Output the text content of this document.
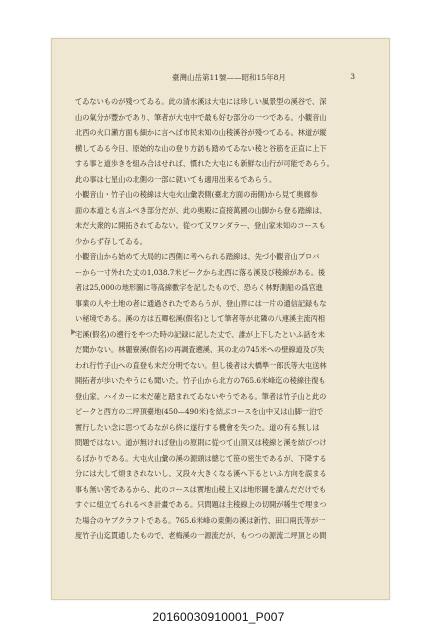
臺灣山岳第11號——昭和15年8月	3

てゐないものが殘つてゐる。此の清水溪は大屯には珍しい風景型の溪谷で、深
山の氣分が豐かであり、筆者が大屯中で最も好む部分の一つである。小觀音山
北西の火口瀨方面も細かに言へば市民未知の山稜溪谷が殘つてゐる。林道が縱
横してゐる今日、原始的な山の登り方訪も踏めてゐない稜と谷筋を正直に上下
する事と道歩きを組み合はせれば、慣れた大屯にも新鮮な山行が可能であらう。
此の事は七星山の北側の一部に就いても適用出來るであらう。

小觀音山・竹子山の稜線は大屯火山彙表側(臺北方面の南側)から見て奥廊参
面の本道とも言ふべき部分だが、此の奥殿に直接萬國の山脚から登る踏線は、
未だ大衆的に開拓されてゐない。從つて又ワンダラー、登山家未知のコースも
少からず存してゐる。

小觀音山から始めて大局的に西側に考へられる踏線は、先づ小觀音山プロバ
ーから一寸外れた丈の1,038.7米ピークから北西に落る溪及び稜線がある。後
者は25,000の地形圖に等高線數字を記したもので、恐らく林野測船の爲官進
事業の人や土地の者に通過されたであらうが、登山界には一片の通信記録もな
い秘境である。溪の方は五卿松溪(假名)として筆者等が北隣の八連溪主流丙相
宅溪(假名)の遡行をやつた時の記録に記した丈で、誰が上下したといふ話を未
だ聞かない。林麗寮溪(假名)の再調査遡溪、其の北の745米への壁線道及び失
われ行竹子山への直登も未だ分明でない。但し後者は大橋準一郎氏等大屯送林
開拓者が歩いたやうにも聞いた。竹子山から北方の765.6米峰迄の稜線往復も
登山家、ハイカーに未だ確と踏まれてゐないやうである。筆者は竹子山と此の
ピークと西方の二坪頂臺地(450—490米)を結ぶコースを山中又は山脚一泊で
實行したい念に思つてゐながら終に遂行する機會を失つた。道の有る無しは
問題ではない。道が無ければ登山の原則に從つて山頂又は稜線と溪を結びつけ
るばかりである。大屯火山彙の溪の源頭は總じて笹の密生であるが、下降する
分には大して煩まされないし、又段々大きくなる溪へ下るといふ方向を誤まる
事も無い筈であるから、此のコースは實地山稜上又は地形圖を讀んだだけでも
すぐに組立てられるべき計畫である。只問題は主稜線上の切開が稀生で埋まつ
た場合のヤブクラフトである。765.6米峰の東側の溪は新竹、田口兩氏等が一
度竹子山迄貫通したもので、老梅溪の一源流だが、もつつの源流二坪頂との間

20160030910001_P007
